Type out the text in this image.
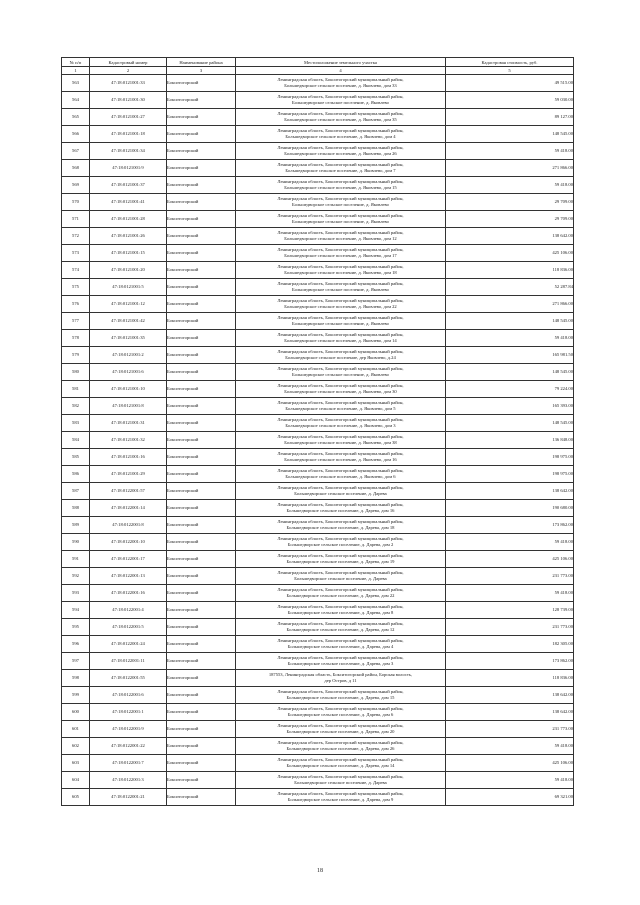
№ п/п	Кадастровый номер	Наименование района	Местоположение земельного участка	Кадастровая стоимость, руб.
1	2	3	4	5
563	47:18:0121001:33	Бокситогорский	Ленинградская область, Бокситогорский муниципальный район,
Большедворское сельское поселение, д. Яковлево, дом 33	49 515.00
564	47:18:0121001:30	Бокситогорский	Ленинградская область, Бокситогорский муниципальный район,
Большедворское сельское поселение, д. Яковлево	59 030.00
565	47:18:0121001:27	Бокситогорский	Ленинградская область, Бокситогорский муниципальный район,
Большедворское сельское поселение, д. Яковлево, дом 35	89 127.00
566	47:18:0121001:18	Бокситогорский	Ленинградская область, Бокситогорский муниципальный район,
Большедворское сельское поселение, д. Яковлево, дом 4	148 545.00
567	47:18:0121001:34	Бокситогорский	Ленинградская область, Бокситогорский муниципальный район,
Большедворское сельское поселение, д. Яковлево, дом 26	59 418.00
568	47:18:0121001:9	Бокситогорский	Ленинградская область, Бокситогорский муниципальный район,
Большедворское сельское поселение, д. Яковлево, дом 7	271 866.00
569	47:18:0121001:37	Бокситогорский	Ленинградская область, Бокситогорский муниципальный район,
Большедворское сельское поселение, д. Яковлево, дом 15	59 418.00
570	47:18:0121001:41	Бокситогорский	Ленинградская область, Бокситогорский муниципальный район,
Большедворское сельское поселение, д. Яковлево	29 709.00
571	47:18:0121001:28	Бокситогорский	Ленинградская область, Бокситогорский муниципальный район,
Большедворское сельское поселение, д. Яковлево	29 709.00
572	47:18:0121001:26	Бокситогорский	Ленинградская область, Бокситогорский муниципальный район,
Большедворское сельское поселение, д. Яковлево, дом 12	138 642.00
573	47:18:0121001:15	Бокситогорский	Ленинградская область, Бокситогорский муниципальный район,
Большедворское сельское поселение, д. Яковлево, дом 17	425 106.00
574	47:18:0121001:20	Бокситогорский	Ленинградская область, Бокситогорский муниципальный район,
Большедворское сельское поселение, д. Яковлево, дом 18	118 836.00
575	47:18:0121001:5	Бокситогорский	Ленинградская область, Бокситогорский муниципальный район,
Большедворское сельское поселение, д. Яковлево	52 287.84
576	47:18:0121001:12	Бокситогорский	Ленинградская область, Бокситогорский муниципальный район,
Большедворское сельское поселение, д. Яковлево, дом 22	271 866.00
577	47:18:0121001:42	Бокситогорский	Ленинградская область, Бокситогорский муниципальный район,
Большедворское сельское поселение, д. Яковлево	148 545.00
578	47:18:0121001:35	Бокситогорский	Ленинградская область, Бокситогорский муниципальный район,
Большедворское сельское поселение, д. Яковлево, дом 14	59 418.00
579	47:18:0121001:2	Бокситогорский	Ленинградская область, Бокситогорский муниципальный район,
Большедворское сельское поселение, дер Яковлево, д.24	165 981.50
580	47:18:0121001:6	Бокситогорский	Ленинградская область, Бокситогорский муниципальный район,
Большедворское сельское поселение, д. Яковлево	148 545.00
581	47:18:0121001:10	Бокситогорский	Ленинградская область, Бокситогорский муниципальный район,
Большедворское сельское поселение, д. Яковлево, дом 30	79 224.00
582	47:18:0121001:8	Бокситогорский	Ленинградская область, Бокситогорский муниципальный район,
Большедворское сельское поселение, д. Яковлево, дом 5	165 393.00
583	47:18:0121001:31	Бокситогорский	Ленинградская область, Бокситогорский муниципальный район,
Большедворское сельское поселение, д. Яковлево, дом 3	148 545.00
584	47:18:0121001:32	Бокситогорский	Ленинградская область, Бокситогорский муниципальный район,
Большедворское сельское поселение, д. Яковлево, дом 38	136 848.00
585	47:18:0121001:16	Бокситогорский	Ленинградская область, Бокситогорский муниципальный район,
Большедворское сельское поселение, д. Яковлево, дом 16	198 975.00
586	47:18:0121001:29	Бокситогорский	Ленинградская область, Бокситогорский муниципальный район,
Большедворское сельское поселение, д. Яковлево, дом 6	198 975.00
587	47:18:0122001:57	Бокситогорский	Ленинградская область, Бокситогорский муниципальный район,
Большедворское сельское поселение, д. Дарева	138 642.00
588	47:18:0122001:14	Бокситогорский	Ленинградская область, Бокситогорский муниципальный район,
Большедворское сельское поселение, д. Дарева, дом 16	190 680.00
589	47:18:0122001:8	Бокситогорский	Ленинградская область, Бокситогорский муниципальный район,
Большедворское сельское поселение, д. Дарева, дом 18	173 862.00
590	47:18:0122001:10	Бокситогорский	Ленинградская область, Бокситогорский муниципальный район,
Большедворское сельское поселение, д. Дарева, дом 2	59 418.00
591	47:18:0122001:17	Бокситогорский	Ленинградская область, Бокситогорский муниципальный район,
Большедворское сельское поселение, д. Дарева, дом 19	425 106.00
592	47:18:0122001:13	Бокситогорский	Ленинградская область, Бокситогорский муниципальный район,
Большедворское сельское поселение, д. Дарева	231 773.00
593	47:18:0122001:16	Бокситогорский	Ленинградская область, Бокситогорский муниципальный район,
Большедворское сельское поселение, д. Дарева, дом 22	59 418.00
594	47:18:0122001:4	Бокситогорский	Ленинградская область, Бокситогорский муниципальный район,
Большедворское сельское поселение, д. Дарева, дом 8	128 739.00
595	47:18:0122001:5	Бокситогорский	Ленинградская область, Бокситогорский муниципальный район,
Большедворское сельское поселение, д. Дарева, дом 12	231 773.00
596	47:18:0122001:24	Бокситогорский	Ленинградская область, Бокситогорский муниципальный район,
Большедворское сельское поселение, д. Дарева, дом 4	182 305.00
597	47:18:0122001:11	Бокситогорский	Ленинградская область, Бокситогорский муниципальный район,
Большедворское сельское поселение, д. Дарева, дом 3	173 862.00
598	47:18:0122001:55	Бокситогорский	187553, Ленинградская область, Бокситогорский район, Борская волость,
дер Остров, д 11	118 836.00
599	47:18:0122001:6	Бокситогорский	Ленинградская область, Бокситогорский муниципальный район,
Большедворское сельское поселение, д. Дарева, дом 15	138 642.00
600	47:18:0122001:1	Бокситогорский	Ленинградская область, Бокситогорский муниципальный район,
Большедворское сельское поселение, д. Дарева, дом 6	138 642.00
601	47:18:0122001:9	Бокситогорский	Ленинградская область, Бокситогорский муниципальный район,
Большедворское сельское поселение, д. Дарева, дом 20	231 773.00
602	47:18:0122001:22	Бокситогорский	Ленинградская область, Бокситогорский муниципальный район,
Большедворское сельское поселение, д. Дарева, дом 26	59 418.00
603	47:18:0122001:7	Бокситогорский	Ленинградская область, Бокситогорский муниципальный район,
Большедворское сельское поселение, д. Дарева, дом 14	425 106.00
604	47:18:0122001:3	Бокситогорский	Ленинградская область, Бокситогорский муниципальный район,
Большедворское сельское поселение, д. Дарева	59 418.00
605	47:18:0122001:21	Бокситогорский	Ленинградская область, Бокситогорский муниципальный район,
Большедворское сельское поселение, д. Дарева, дом 9	69 321.00
18
